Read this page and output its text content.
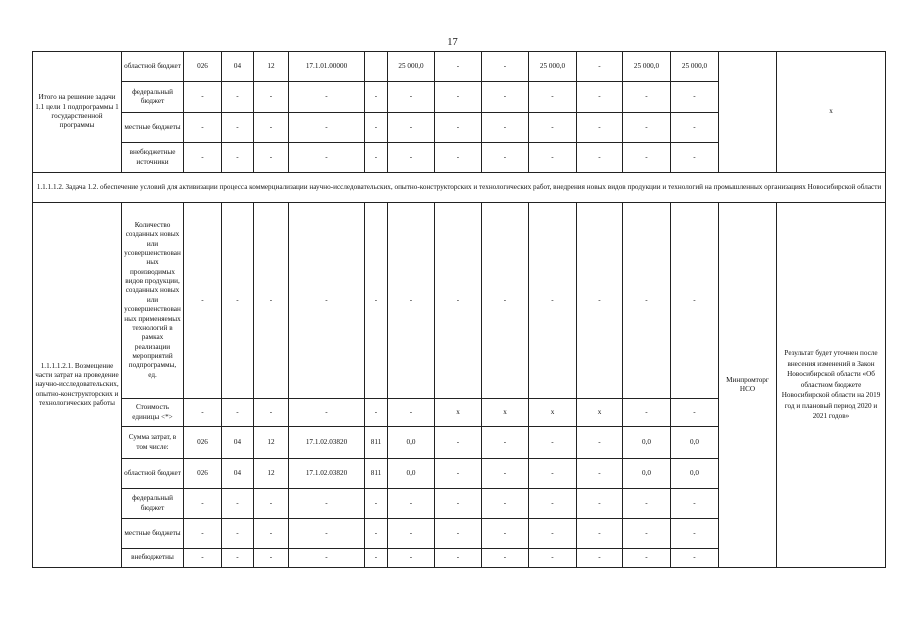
17
Итого на решение задачи 1.1 цели 1 подпрограммы 1 государственной программы	областной бюджет	026	04	12	17.1.01.00000		25 000,0	-	-	25 000,0	-	25 000,0	25 000,0		x
	федеральный бюджет	-	-	-	-	-	-	-	-	-	-	-	-		
	местные бюджеты	-	-	-	-	-	-	-	-	-	-	-	-		
	внебюджетные источники	-	-	-	-	-	-	-	-	-	-	-	-		
1.1.1.1.2. Задача 1.2. обеспечение условий для активизации процесса коммерциализации научно-исследовательских, опытно-конструкторских и технологических работ, внедрения новых видов продукции и технологий на промышленных организациях Новосибирской области															
1.1.1.1.2.1. Возмещение части затрат на проведение научно-исследовательских, опытно-конструкторских и технологических работы	Количество созданных новых или усовершенствованных производимых видов продукции, созданных новых или усовершенствованных применяемых технологий в рамках реализации мероприятий подпрограммы, ед.	-	-	-	-	-	-	-	-	-	-	-	-	Минпромторг НСО	Результат будет уточнен после внесения изменений в Закон Новосибирской области «Об областном бюджете Новосибирской области на 2019 год и плановый период 2020 и 2021 годов»
	Стоимость единицы <*>	-	-	-	-	-	-	x	x	x	x	-	-		
	Сумма затрат, в том числе:	026	04	12	17.1.02.03820	811	0,0	-	-	-	-	0,0	0,0		
	областной бюджет	026	04	12	17.1.02.03820	811	0,0	-	-	-	-	0,0	0,0		
	федеральный бюджет	-	-	-	-	-	-	-	-	-	-	-	-		
	местные бюджеты	-	-	-	-	-	-	-	-	-	-	-	-		
	внебюджетны	-	-	-	-	-	-	-	-	-	-	-	-		
